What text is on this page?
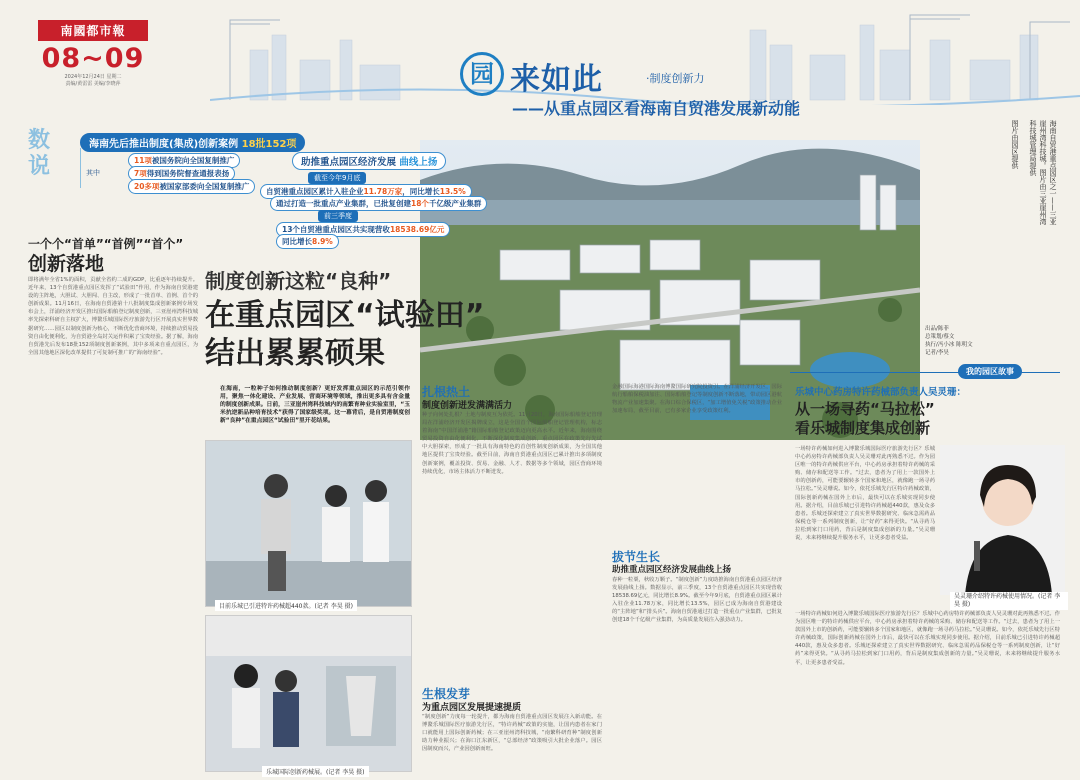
南國都市報
08~09
2024年12月24日 星期二
责编/黄雷雷 美编/李晓萍	园 来如此	·制度创新力
——从重点园区看海南自贸港发展新动能
海南自贸港重点园区之一——三亚崖州湾科技城。图片由三亚崖州湾科技城管理局提供
图片由园区提供
出品/陈菲
总策划/蔡文
执行/冯小冰 陈明文
记者/李昊
数说
海南先后推出制度(集成)创新案例 18批152项
其中
11项被国务院向全国复制推广
7项得到国务院督查通报表扬
20多项被国家部委向全国复制推广
助推重点园区经济发展 曲线上扬
截至今年9月底
自贸港重点园区累计入驻企业11.78万家，同比增长13.5%
通过打造一批重点产业集群，已批复创建18个千亿级产业集群
前三季度
13个自贸港重点园区共实现营收18538.69亿元
同比增长8.9%
一个个“首单”“首例”“首个”
创新落地
即将满年全省1%的面积，贡献全省约二成的GDP，比重逐年持续提升。近年来，13个自贸港重点园区发挥了“试验田”作用，作为海南自贸港建设的主阵地，大胆试、大胆闯、自主改，形成了一批首单、首例、首个的创新成果。11月16日，在海南自贸港第十八批制度集成创新案例专场发布会上，洋浦经济开发区推出国际船舶登记制度创新，三亚崖州湾科技城率先探索科研自主权扩大，博鳌乐城国际医疗旅游先行区开展真实世界数据研究……园区以制度创新为核心，不断优化营商环境，持续推动贸易投资自由化便利化，为自贸港全岛封关运作积累了宝贵经验。据了解，海南自贸港先后发布18批152项制度创新案例，其中多项来自重点园区，为全国其他地区深化改革提供了可复制可推广的“海南经验”。
制度创新这粒“良种”
在重点园区“试验田”
结出累累硕果
在海南，一粒种子如何推动制度创新？更好发挥重点园区的示范引领作用，聚焦一体化建设、产业发展、营商环境等领域，推出更多具有含金量的制度创新成果。日前，三亚崖州湾科技城内的南繁育种业实验室里，“玉米抗逆新品种培育技术”获得了国家级奖项。这一幕背后，是自贸港制度创新“良种”在重点园区“试验田”里开花结果。
目前乐城已引进特许药械超440款。(记者 李昊 摄)
乐城国际创新药械展。(记者 李昊 摄)
扎根热土
制度创新迸发满满活力
种子向何处扎根？土地与制度互为依托。11月20日，海南国际船舶登记管理局在洋浦经济开发区揭牌成立，这是全国首个国际船舶登记管理机构，标志着海南“中国洋浦港”籍国际船舶登记政策迈向更高水平。近年来，海南围绕贸易投资自由化便利化，不断深化制度集成创新，重点园区在政策先行先试中大胆探索，形成了一批具有海南特色的首创性制度创新成果，为全国其他地区提供了宝贵经验。截至目前，海南自贸港重点园区已累计推出多项制度创新案例，覆盖投资、贸易、金融、人才、数据等多个领域，园区营商环境持续优化，市场主体活力不断迸发。
生根发芽
为重点园区发展提速提质
“制度创新”力度每一轮提升，都为海南自贸港重点园区发展注入新动能。在博鳌乐城国际医疗旅游先行区，“特许药械”政策的实施，让国内患者在家门口就能用上国际创新药械；在三亚崖州湾科技城，“南繁科研育种”制度创新助力种业振兴；在海口江东新区，“总部经济”政策吸引大批企业落户。园区因制度而兴，产业因创新而旺。
金融国际海港国际海南博鳌国际研究院投资引。在洋浦经济开发区，国际航行船舶保税油加注、国际船舶登记等制度创新不断落地，带动园区港航物流产业加速集聚。在海口综合保税区，“加工增值免关税”政策推动企业加速布局，截至目前，已有多家企业享受政策红利。
拔节生长
助推重点园区经济发展曲线上扬
春种一粒粟，秋收万颗子。“制度创新”力度助推海南自贸港重点园区经济发展曲线上扬。数据显示，前三季度，13个自贸港重点园区共实现营收18538.69亿元，同比增长8.9%。截至今年9月底，自贸港重点园区累计入驻企业11.78万家，同比增长13.5%，园区已成为海南自贸港建设的“主阵地”和“排头兵”。海南自贸港通过打造一批重点产业集群，已批复创建18个千亿级产业集群，为高质量发展注入强劲动力。
我的园区故事
乐城中心药房特许药械部负责人吴灵珊：
从一场寻药“马拉松”
看乐城制度集成创新
一场特许药械如何进入博鳌乐城国际医疗旅游先行区？乐城中心药房特许药械部负责人吴灵珊对此再熟悉不过。作为园区唯一的特许药械供应平台，中心药房承担着特许药械的采购、储存和配送等工作。“过去，患者为了用上一款国外上市的创新药，可能要辗转多个国家和地区，就像跑一场寻药马拉松。”吴灵珊说。如今，依托乐城先行区特许药械政策，国际创新药械在国外上市后，最快可以在乐城实现同步使用。据介绍，目前乐城已引进特许药械超440款，惠及众多患者。乐城还探索建立了真实世界数据研究、临床急需药品保税仓等一系列制度创新，让“好药”来得更快。“从寻药马拉松到家门口用药，背后是制度集成创新的力量。”吴灵珊说，未来将继续提升服务水平，让更多患者受益。
吴灵珊介绍特许药械使用情况。(记者 李昊 摄)
一场特许药械如何进入博鳌乐城国际医疗旅游先行区？乐城中心药房特许药械部负责人吴灵珊对此再熟悉不过。作为园区唯一的特许药械供应平台，中心药房承担着特许药械的采购、储存和配送等工作。“过去，患者为了用上一款国外上市的创新药，可能要辗转多个国家和地区，就像跑一场寻药马拉松。”吴灵珊说。如今，依托乐城先行区特许药械政策，国际创新药械在国外上市后，最快可以在乐城实现同步使用。据介绍，目前乐城已引进特许药械超440款，惠及众多患者。乐城还探索建立了真实世界数据研究、临床急需药品保税仓等一系列制度创新，让“好药”来得更快。“从寻药马拉松到家门口用药，背后是制度集成创新的力量。”吴灵珊说，未来将继续提升服务水平，让更多患者受益。
